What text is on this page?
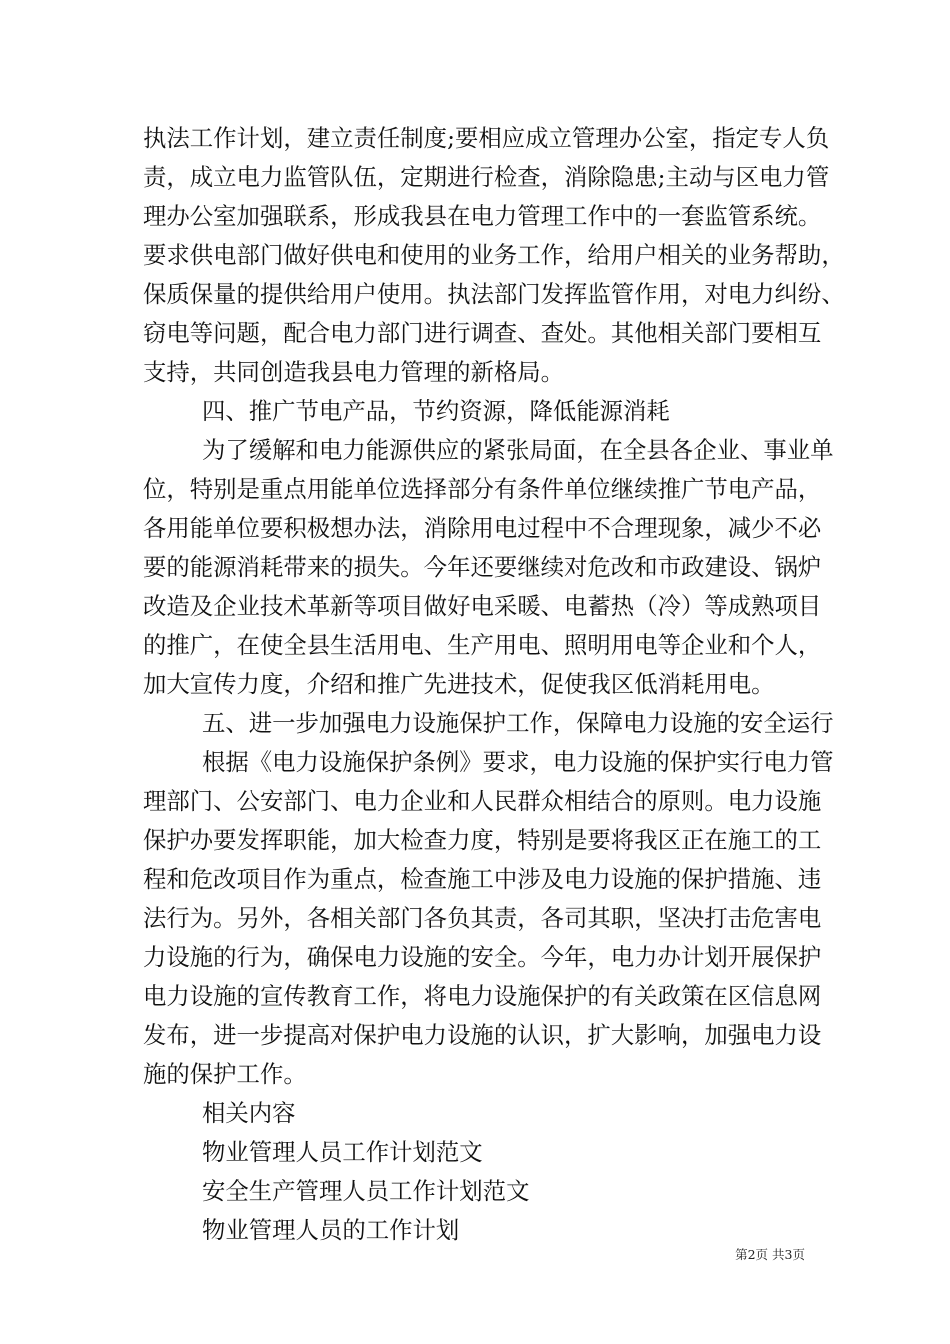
执法工作计划，建立责任制度;要相应成立管理办公室，指定专人负
责，成立电力监管队伍，定期进行检查，消除隐患;主动与区电力管
理办公室加强联系，形成我县在电力管理工作中的一套监管系统。
要求供电部门做好供电和使用的业务工作，给用户相关的业务帮助，
保质保量的提供给用户使用。执法部门发挥监管作用，对电力纠纷、
窃电等问题，配合电力部门进行调查、查处。其他相关部门要相互
支持，共同创造我县电力管理的新格局。
四、推广节电产品，节约资源，降低能源消耗
为了缓解和电力能源供应的紧张局面，在全县各企业、事业单
位，特别是重点用能单位选择部分有条件单位继续推广节电产品，
各用能单位要积极想办法，消除用电过程中不合理现象，减少不必
要的能源消耗带来的损失。今年还要继续对危改和市政建设、锅炉
改造及企业技术革新等项目做好电采暖、电蓄热（冷）等成熟项目
的推广，在使全县生活用电、生产用电、照明用电等企业和个人，
加大宣传力度，介绍和推广先进技术，促使我区低消耗用电。
五、进一步加强电力设施保护工作，保障电力设施的安全运行
根据《电力设施保护条例》要求，电力设施的保护实行电力管
理部门、公安部门、电力企业和人民群众相结合的原则。电力设施
保护办要发挥职能，加大检查力度，特别是要将我区正在施工的工
程和危改项目作为重点，检查施工中涉及电力设施的保护措施、违
法行为。另外，各相关部门各负其责，各司其职，坚决打击危害电
力设施的行为，确保电力设施的安全。今年，电力办计划开展保护
电力设施的宣传教育工作，将电力设施保护的有关政策在区信息网
发布，进一步提高对保护电力设施的认识，扩大影响，加强电力设
施的保护工作。
相关内容
物业管理人员工作计划范文
安全生产管理人员工作计划范文
物业管理人员的工作计划
第2页 共3页
